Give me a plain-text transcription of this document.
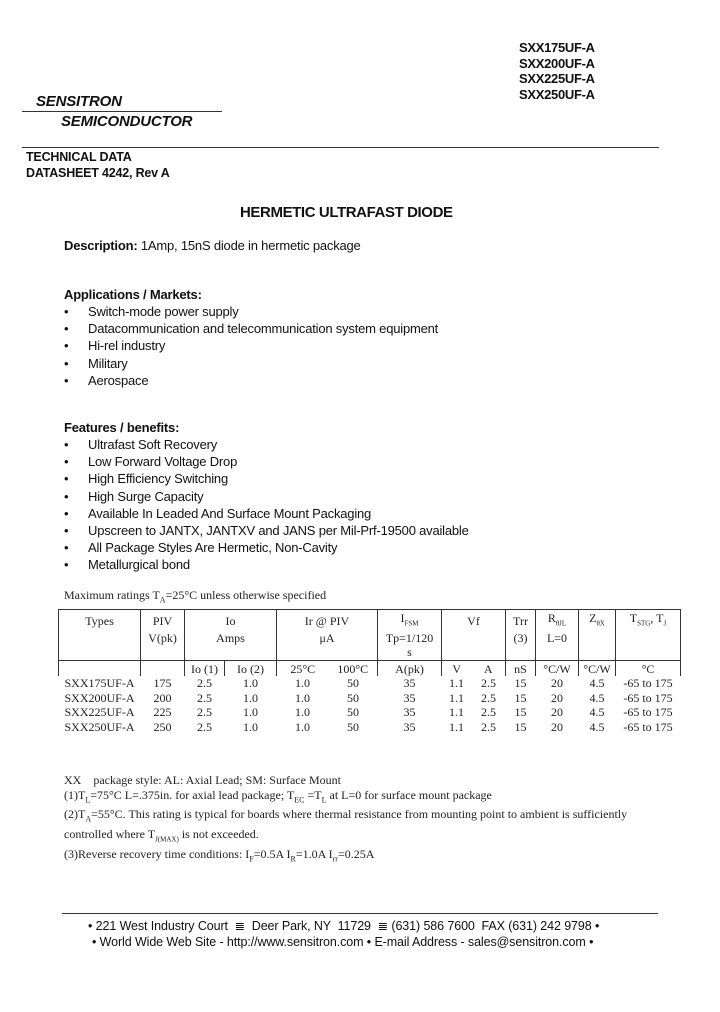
SXX175UF-A
SXX200UF-A
SXX225UF-A
SXX250UF-A
SENSITRON
SEMICONDUCTOR
TECHNICAL DATA
DATASHEET 4242, Rev A
HERMETIC ULTRAFAST DIODE
Description: 1Amp, 15nS diode in hermetic package
Applications / Markets:
• Switch-mode power supply
• Datacommunication and telecommunication system equipment
• Hi-rel industry
• Military
• Aerospace
Features / benefits:
• Ultrafast Soft Recovery
• Low Forward Voltage Drop
• High Efficiency Switching
• High Surge Capacity
• Available In Leaded And Surface Mount Packaging
• Upscreen to JANTX, JANTXV and JANS per Mil-Prf-19500 available
• All Package Styles Are Hermetic, Non-Cavity
• Metallurgical bond
Maximum ratings $T_A=25^\circ C$ unless otherwise specified
Types	PIV	Io		Ir @ PIV		$I_{FSM}$	Vf		Trr	$R_{\theta JL}$	$Z_{\theta X}$	$T_{STG}$, $T_J$
	V(pk)	Amps		μA		Tp=1/120			(3)	L=0		
						s						
		Io (1)	Io (2)	25°C	100°C	A(pk)	V	A	nS	°C/W	°C/W	°C
SXX175UF-A	175	2.5	1.0	1.0	50	35	1.1	2.5	15	20	4.5	-65 to 175
SXX200UF-A	200	2.5	1.0	1.0	50	35	1.1	2.5	15	20	4.5	-65 to 175
SXX225UF-A	225	2.5	1.0	1.0	50	35	1.1	2.5	15	20	4.5	-65 to 175
SXX250UF-A	250	2.5	1.0	1.0	50	35	1.1	2.5	15	20	4.5	-65 to 175
XX    package style: AL: Axial Lead; SM: Surface Mount
$(1)T_L=75^\circ C$ L=.375in. for axial lead package; $T_{EC} =T_L$ at L=0 for surface mount package
$(2)T_A=55^\circ C$. This rating is typical for boards where thermal resistance from mounting point to ambient is sufficiently
controlled where $T_{J(MAX)}$ is not exceeded.
(3)Reverse recovery time conditions: $I_F=0.5A$ $I_R=1.0A$ $I_{rr}=0.25A$
• 221 West Industry Court  ≣  Deer Park, NY  11729  ≣ (631) 586 7600  FAX (631) 242 9798 •
• World Wide Web Site - http://www.sensitron.com • E-mail Address - sales@sensitron.com •
